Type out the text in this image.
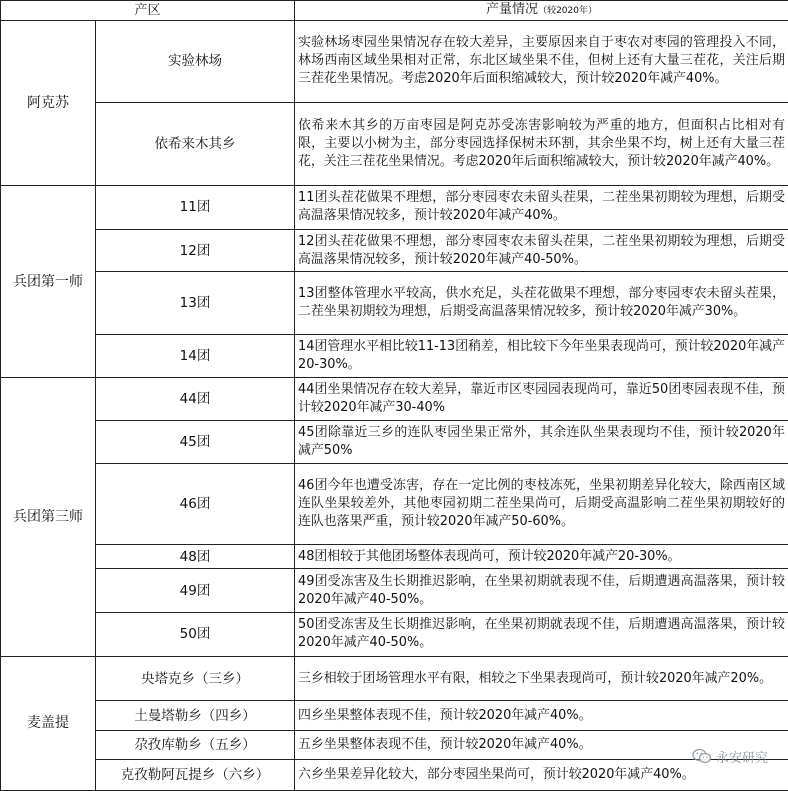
产区		产量情况（较2020年）
阿克苏	实验林场	实验林场枣园坐果情况存在较大差异，主要原因来自于枣农对枣园的管理投入不同，林场西南区域坐果相对正常，东北区域坐果不佳，但树上还有大量三茬花，关注后期三茬花坐果情况。考虑2020年后面积缩减较大，预计较2020年减产40%。
	依希来木其乡	依希来木其乡的万亩枣园是阿克苏受冻害影响较为严重的地方，但面积占比相对有限，主要以小树为主，部分枣园选择保树未环割，其余坐果不均，树上还有大量三茬花，关注三茬花坐果情况。考虑2020年后面积缩减较大，预计较2020年减产40%。
兵团第一师	11团	11团头茬花做果不理想，部分枣园枣农未留头茬果，二茬坐果初期较为理想，后期受高温落果情况较多，预计较2020年减产40%。
	12团	12团头茬花做果不理想，部分枣园枣农未留头茬果，二茬坐果初期较为理想，后期受高温落果情况较多，预计较2020年减产40-50%。
	13团	13团整体管理水平较高，供水充足，头茬花做果不理想，部分枣园枣农未留头茬果，二茬坐果初期较为理想，后期受高温落果情况较多，预计较2020年减产30%。
	14团	14团管理水平相比较11-13团稍差，相比较下今年坐果表现尚可，预计较2020年减产20-30%。
兵团第三师	44团	44团坐果情况存在较大差异，靠近市区枣园园表现尚可，靠近50团枣园表现不佳，预计较2020年减产30-40%
	45团	45团除靠近三乡的连队枣园坐果正常外，其余连队坐果表现均不佳，预计较2020年减产50%
	46团	46团今年也遭受冻害，存在一定比例的枣枝冻死，坐果初期差异化较大，除西南区域连队坐果较差外，其他枣园初期二茬坐果尚可，后期受高温影响二茬坐果初期较好的连队也落果严重，预计较2020年减产50-60%。
	48团	48团相较于其他团场整体表现尚可，预计较2020年减产20-30%。
	49团	49团受冻害及生长期推迟影响，在坐果初期就表现不佳，后期遭遇高温落果，预计较2020年减产40-50%。
	50团	50团受冻害及生长期推迟影响，在坐果初期就表现不佳，后期遭遇高温落果，预计较2020年减产40-50%。
麦盖提	央塔克乡（三乡）	三乡相较于团场管理水平有限，相较之下坐果表现尚可，预计较2020年减产20%。
	土曼塔勒乡（四乡）	四乡坐果整体表现不佳，预计较2020年减产40%。
	尕孜库勒乡（五乡）	五乡坐果整体表现不佳，预计较2020年减产40%。
	克孜勒阿瓦提乡（六乡）	六乡坐果差异化较大，部分枣园坐果尚可，预计较2020年减产40%。
永安研究
